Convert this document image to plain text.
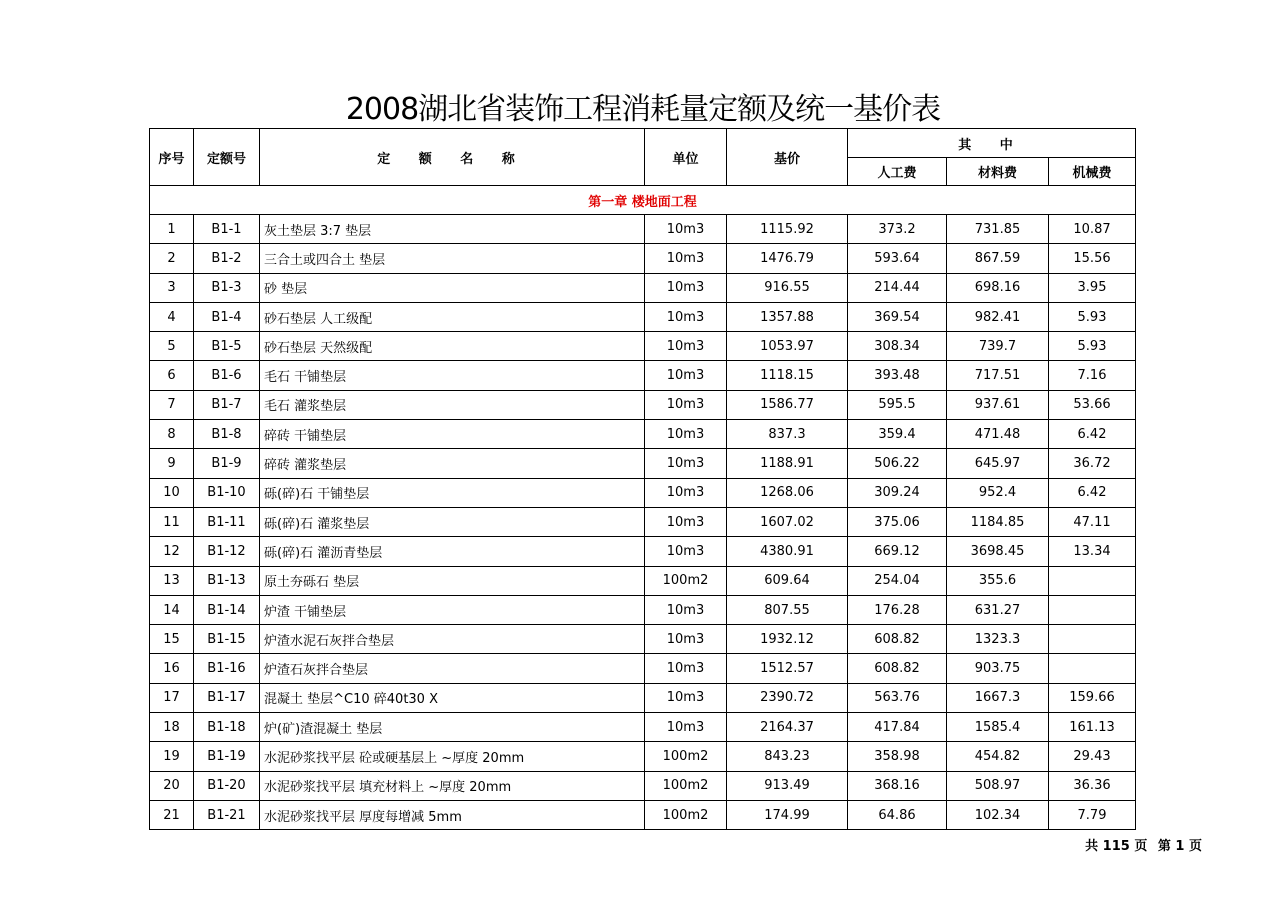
2008湖北省装饰工程消耗量定额及统一基价表
序号	定额号	定 额 名 称	单位	基价	其 中		
					人工费	材料费	机械费
第一章 楼地面工程							
1	B1-1	灰土垫层 3:7 垫层	10m3	1115.92	373.2	731.85	10.87
2	B1-2	三合土或四合土 垫层	10m3	1476.79	593.64	867.59	15.56
3	B1-3	砂 垫层	10m3	916.55	214.44	698.16	3.95
4	B1-4	砂石垫层 人工级配	10m3	1357.88	369.54	982.41	5.93
5	B1-5	砂石垫层 天然级配	10m3	1053.97	308.34	739.7	5.93
6	B1-6	毛石 干铺垫层	10m3	1118.15	393.48	717.51	7.16
7	B1-7	毛石 灌浆垫层	10m3	1586.77	595.5	937.61	53.66
8	B1-8	碎砖 干铺垫层	10m3	837.3	359.4	471.48	6.42
9	B1-9	碎砖 灌浆垫层	10m3	1188.91	506.22	645.97	36.72
10	B1-10	砾(碎)石 干铺垫层	10m3	1268.06	309.24	952.4	6.42
11	B1-11	砾(碎)石 灌浆垫层	10m3	1607.02	375.06	1184.85	47.11
12	B1-12	砾(碎)石 灌沥青垫层	10m3	4380.91	669.12	3698.45	13.34
13	B1-13	原土夯砾石 垫层	100m2	609.64	254.04	355.6	
14	B1-14	炉渣 干铺垫层	10m3	807.55	176.28	631.27	
15	B1-15	炉渣水泥石灰拌合垫层	10m3	1932.12	608.82	1323.3	
16	B1-16	炉渣石灰拌合垫层	10m3	1512.57	608.82	903.75	
17	B1-17	混凝土 垫层^C10 碎40t30 X	10m3	2390.72	563.76	1667.3	159.66
18	B1-18	炉(矿)渣混凝土 垫层	10m3	2164.37	417.84	1585.4	161.13
19	B1-19	水泥砂浆找平层 砼或硬基层上 ~厚度 20mm	100m2	843.23	358.98	454.82	29.43
20	B1-20	水泥砂浆找平层 填充材料上 ~厚度 20mm	100m2	913.49	368.16	508.97	36.36
21	B1-21	水泥砂浆找平层 厚度每增减 5mm	100m2	174.99	64.86	102.34	7.79
共 115 页 第 1 页
